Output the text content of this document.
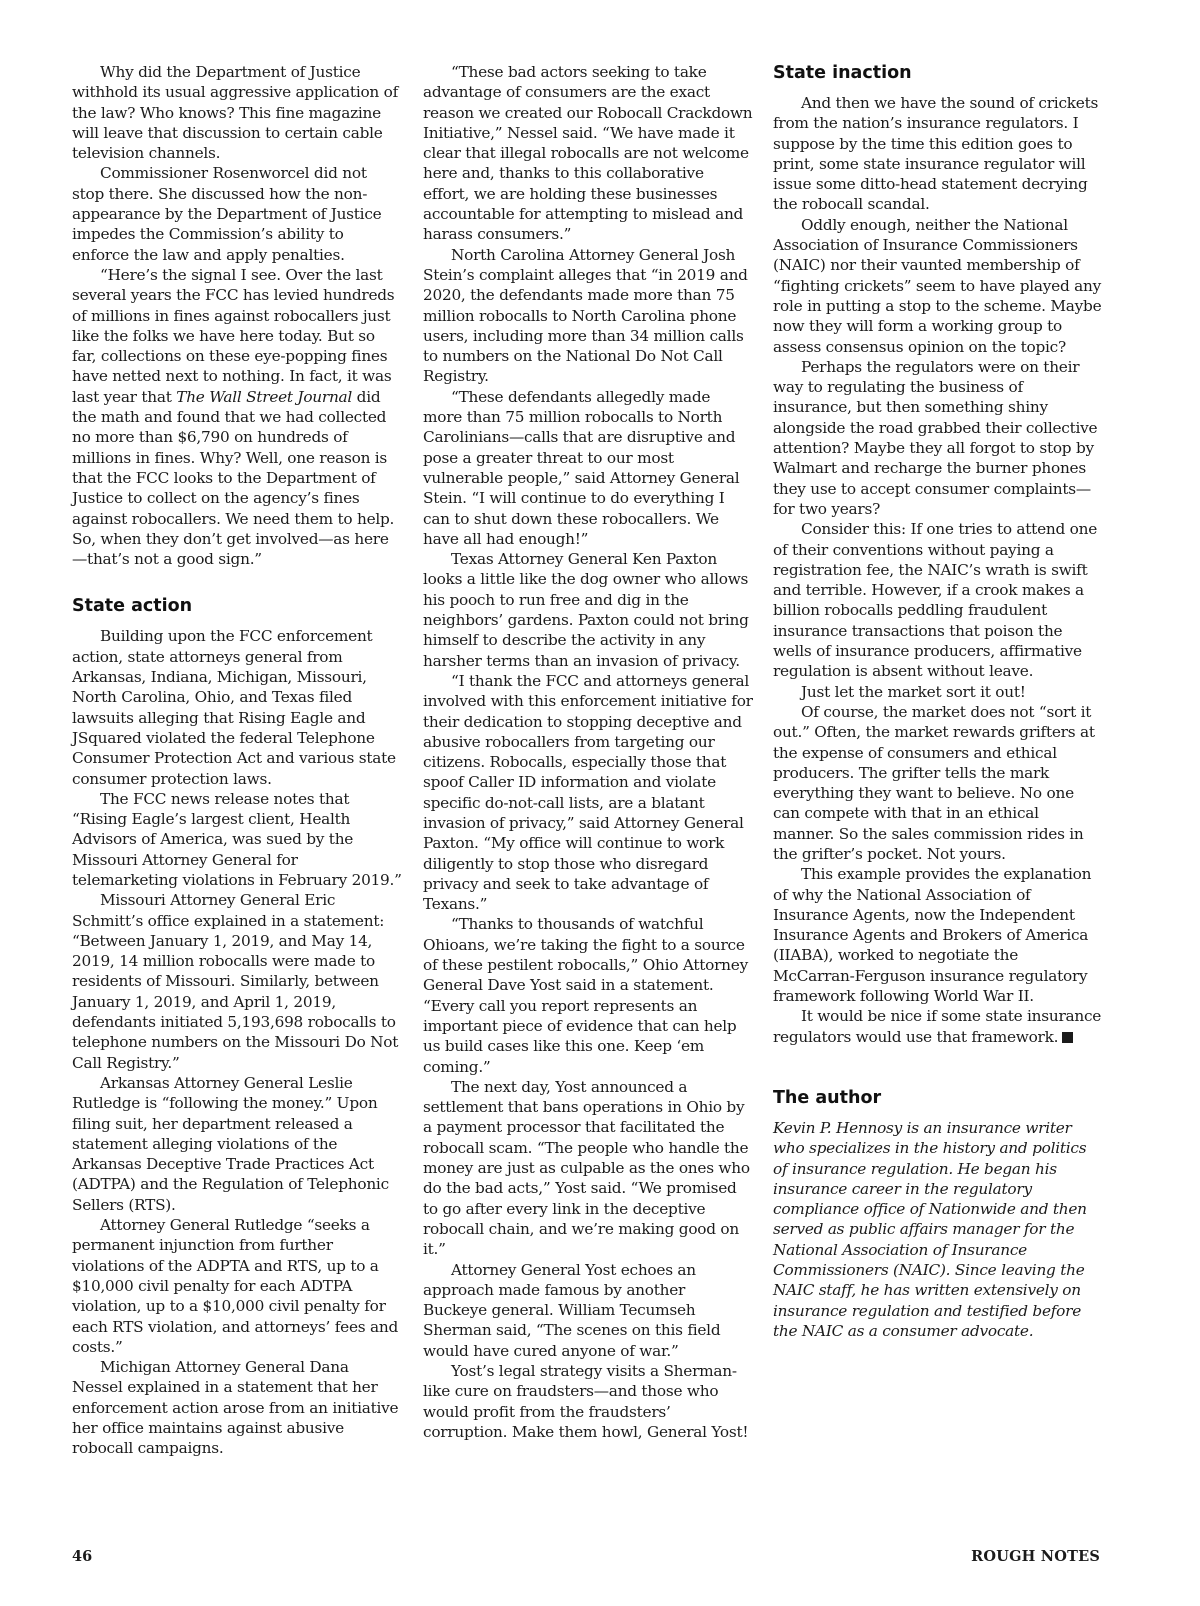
Why did the Department of Justice withhold its usual aggressive application of the law? Who knows? This fine magazine will leave that discussion to certain cable television channels.

Commissioner Rosenworcel did not stop there. She discussed how the non-appearance by the Department of Justice impedes the Commission’s ability to enforce the law and apply penalties.

“Here’s the signal I see. Over the last several years the FCC has levied hundreds of millions in fines against robocallers just like the folks we have here today. But so far, collections on these eye-popping fines have netted next to nothing. In fact, it was last year that The Wall Street Journal did the math and found that we had collected no more than $6,790 on hundreds of millions in fines. Why? Well, one reason is that the FCC looks to the Department of Justice to collect on the agency’s fines against robocallers. We need them to help. So, when they don’t get involved—as here—that’s not a good sign.”

State action

Building upon the FCC enforcement action, state attorneys general from Arkansas, Indiana, Michigan, Missouri, North Carolina, Ohio, and Texas filed lawsuits alleging that Rising Eagle and JSquared violated the federal Telephone Consumer Protection Act and various state consumer protection laws.

The FCC news release notes that “Rising Eagle’s largest client, Health Advisors of America, was sued by the Missouri Attorney General for telemarketing violations in February 2019.”

Missouri Attorney General Eric Schmitt’s office explained in a statement: “Between January 1, 2019, and May 14, 2019, 14 million robocalls were made to residents of Missouri. Similarly, between January 1, 2019, and April 1, 2019, defendants initiated 5,193,698 robocalls to telephone numbers on the Missouri Do Not Call Registry.”

Arkansas Attorney General Leslie Rutledge is “following the money.” Upon filing suit, her department released a statement alleging violations of the Arkansas Deceptive Trade Practices Act (ADTPA) and the Regulation of Telephonic Sellers (RTS).

Attorney General Rutledge “seeks a permanent injunction from further violations of the ADPTA and RTS, up to a $10,000 civil penalty for each ADTPA violation, up to a $10,000 civil penalty for each RTS violation, and attorneys’ fees and costs.”

Michigan Attorney General Dana Nessel explained in a statement that her enforcement action arose from an initiative her office maintains against abusive robocall campaigns.

“These bad actors seeking to take advantage of consumers are the exact reason we created our Robocall Crackdown Initiative,” Nessel said. “We have made it clear that illegal robocalls are not welcome here and, thanks to this collaborative effort, we are holding these businesses accountable for attempting to mislead and harass consumers.”

North Carolina Attorney General Josh Stein’s complaint alleges that “in 2019 and 2020, the defendants made more than 75 million robocalls to North Carolina phone users, including more than 34 million calls to numbers on the National Do Not Call Registry.

“These defendants allegedly made more than 75 million robocalls to North Carolinians—calls that are disruptive and pose a greater threat to our most vulnerable people,” said Attorney General Stein. “I will continue to do everything I can to shut down these robocallers. We have all had enough!”

Texas Attorney General Ken Paxton looks a little like the dog owner who allows his pooch to run free and dig in the neighbors’ gardens. Paxton could not bring himself to describe the activity in any harsher terms than an invasion of privacy.

“I thank the FCC and attorneys general involved with this enforcement initiative for their dedication to stopping deceptive and abusive robocallers from targeting our citizens. Robocalls, especially those that spoof Caller ID information and violate specific do-not-call lists, are a blatant invasion of privacy,” said Attorney General Paxton. “My office will continue to work diligently to stop those who disregard privacy and seek to take advantage of Texans.”

“Thanks to thousands of watchful Ohioans, we’re taking the fight to a source of these pestilent robocalls,” Ohio Attorney General Dave Yost said in a statement. “Every call you report represents an important piece of evidence that can help us build cases like this one. Keep ‘em coming.”

The next day, Yost announced a settlement that bans operations in Ohio by a payment processor that facilitated the robocall scam. “The people who handle the money are just as culpable as the ones who do the bad acts,” Yost said. “We promised to go after every link in the deceptive robocall chain, and we’re making good on it.”

Attorney General Yost echoes an approach made famous by another Buckeye general. William Tecumseh Sherman said, “The scenes on this field would have cured anyone of war.”

Yost’s legal strategy visits a Sherman-like cure on fraudsters—and those who would profit from the fraudsters’ corruption. Make them howl, General Yost!

State inaction

And then we have the sound of crickets from the nation’s insurance regulators. I suppose by the time this edition goes to print, some state insurance regulator will issue some ditto-head statement decrying the robocall scandal.

Oddly enough, neither the National Association of Insurance Commissioners (NAIC) nor their vaunted membership of “fighting crickets” seem to have played any role in putting a stop to the scheme. Maybe now they will form a working group to assess consensus opinion on the topic?

Perhaps the regulators were on their way to regulating the business of insurance, but then something shiny alongside the road grabbed their collective attention? Maybe they all forgot to stop by Walmart and recharge the burner phones they use to accept consumer complaints—for two years?

Consider this: If one tries to attend one of their conventions without paying a registration fee, the NAIC’s wrath is swift and terrible. However, if a crook makes a billion robocalls peddling fraudulent insurance transactions that poison the wells of insurance producers, affirmative regulation is absent without leave.

Just let the market sort it out!

Of course, the market does not “sort it out.” Often, the market rewards grifters at the expense of consumers and ethical producers. The grifter tells the mark everything they want to believe. No one can compete with that in an ethical manner. So the sales commission rides in the grifter’s pocket. Not yours.

This example provides the explanation of why the National Association of Insurance Agents, now the Independent Insurance Agents and Brokers of America (IIABA), worked to negotiate the McCarran-Ferguson insurance regulatory framework following World War II.

It would be nice if some state insurance regulators would use that framework.

The author

Kevin P. Hennosy is an insurance writer who specializes in the history and politics of insurance regulation. He began his insurance career in the regulatory compliance office of Nationwide and then served as public affairs manager for the National Association of Insurance Commissioners (NAIC). Since leaving the NAIC staff, he has written extensively on insurance regulation and testified before the NAIC as a consumer advocate.

46	ROUGH NOTES
